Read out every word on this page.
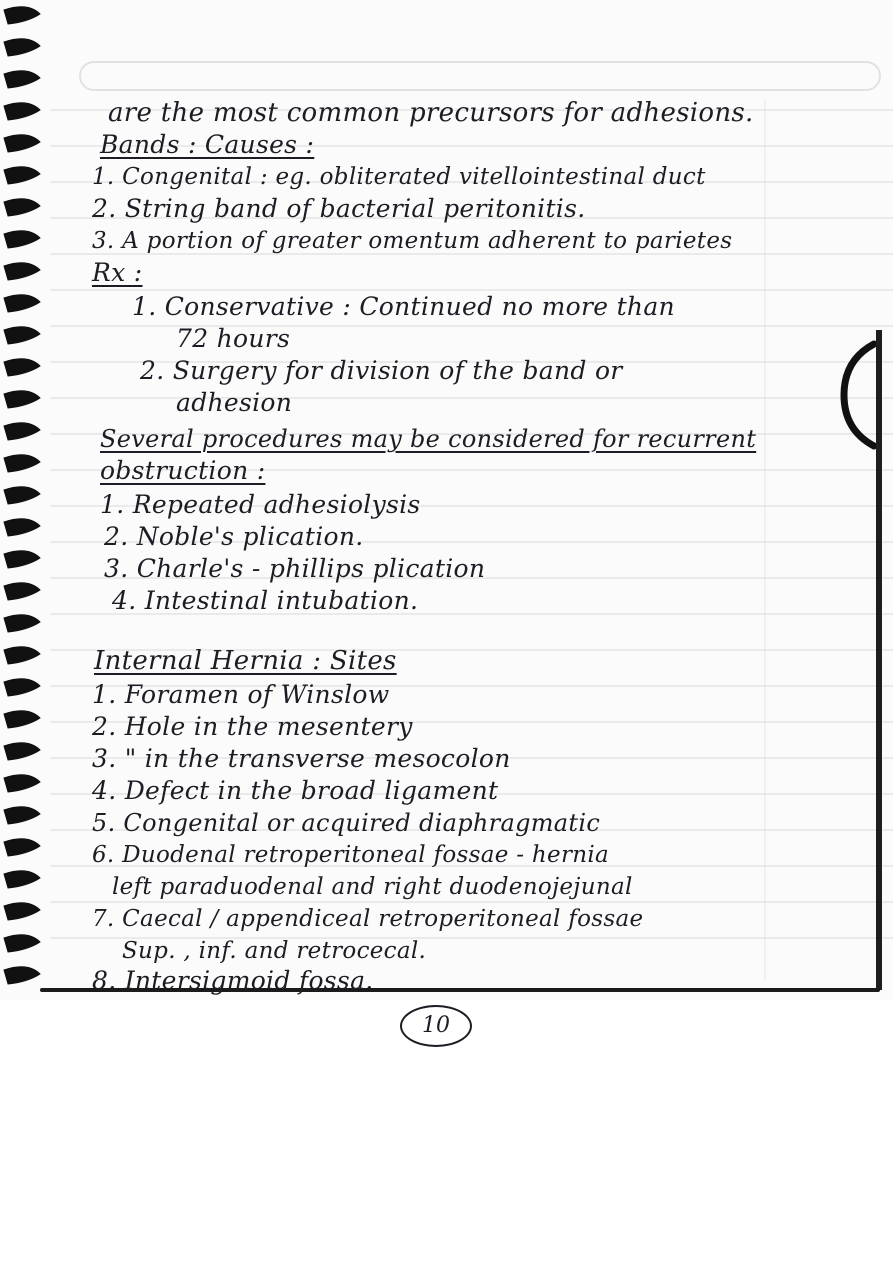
are the most common precursors for adhesions.
Bands : Causes :
1. Congenital : eg. obliterated vitellointestinal duct
2. String band of bacterial peritonitis.
3. A portion of greater omentum adherent to parietes
Rx :
1. Conservative : Continued no more than
72 hours
2. Surgery for division of the band or
adhesion
Several procedures may be considered for recurrent
obstruction :
1. Repeated adhesiolysis
2. Noble's plication.
3. Charle's - phillips plication
4. Intestinal intubation.
Internal Hernia : Sites
1. Foramen of Winslow
2. Hole in the mesentery
3. " in the transverse mesocolon
4. Defect in the broad ligament
5. Congenital or acquired diaphragmatic
6. Duodenal retroperitoneal fossae - hernia
left paraduodenal and right duodenojejunal
7. Caecal / appendiceal retroperitoneal fossae
Sup. , inf. and retrocecal.
8. Intersigmoid fossa.
10
